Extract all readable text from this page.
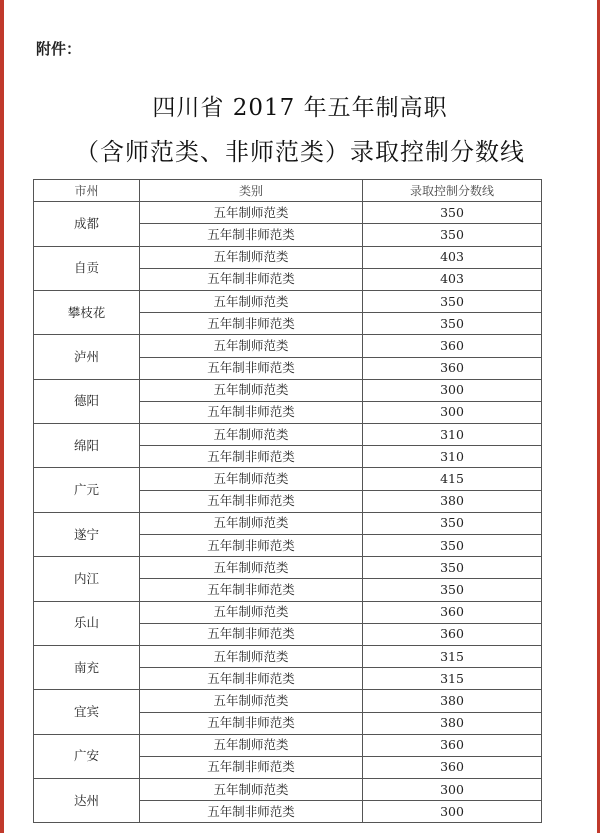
附件：
四川省 2017 年五年制高职
（含师范类、非师范类）录取控制分数线
市州	类别	录取控制分数线
成都	五年制师范类	350
	五年制非师范类	350
自贡	五年制师范类	403
	五年制非师范类	403
攀枝花	五年制师范类	350
	五年制非师范类	350
泸州	五年制师范类	360
	五年制非师范类	360
德阳	五年制师范类	300
	五年制非师范类	300
绵阳	五年制师范类	310
	五年制非师范类	310
广元	五年制师范类	415
	五年制非师范类	380
遂宁	五年制师范类	350
	五年制非师范类	350
内江	五年制师范类	350
	五年制非师范类	350
乐山	五年制师范类	360
	五年制非师范类	360
南充	五年制师范类	315
	五年制非师范类	315
宜宾	五年制师范类	380
	五年制非师范类	380
广安	五年制师范类	360
	五年制非师范类	360
达州	五年制师范类	300
	五年制非师范类	300
